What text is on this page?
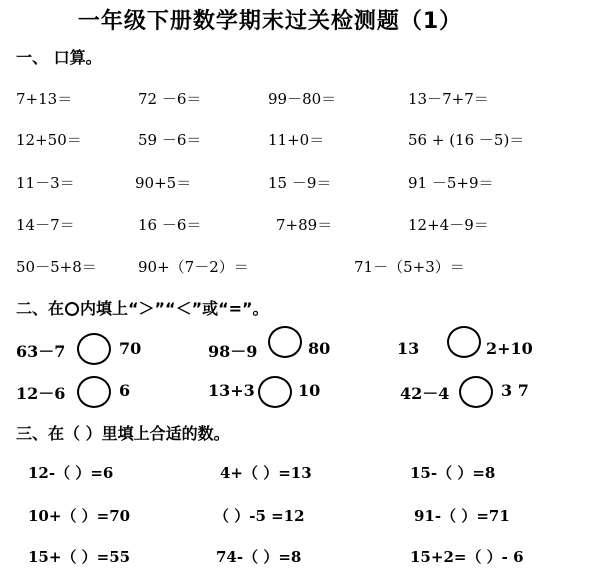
一年级下册数学期末过关检测题（1）
一、 口算。
7+13＝	72 －6＝	99－80＝	13－7+7＝
12+50＝	59 －6＝	11+0＝	56 + (16 －5)＝
11－3＝	90+5＝	15 －9＝	91 －5+9＝
14－7＝	16 －6＝	7+89＝	12+4－9＝
50－5+8＝	90+（7－2）＝	71－（5+3）＝
二、在 内填上“＞”“＜”或“=”。
63－7	70	98－9	80	13	2+10
12－6	6	13+3	10	42－4	3 7
三、在（ ）里填上合适的数。
12-（ ）=6	4+（ ）=13	15-（ ）=8
10+（ ）=70	（ ）-5 =12	91-（ ）=71
15+（ ）=55	74-（ ）=8	15+2=（ ）- 6
